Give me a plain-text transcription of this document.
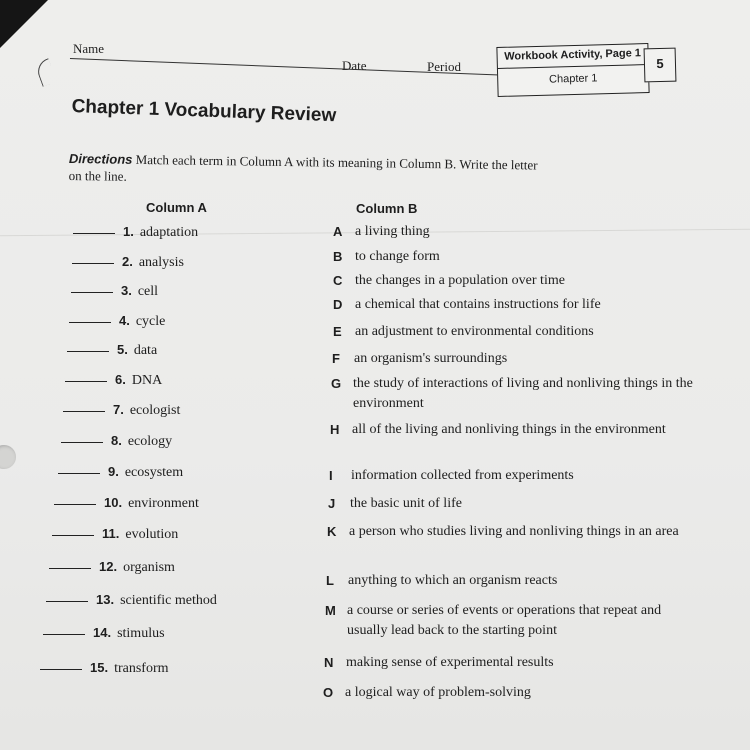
Name
Date	Period
Workbook Activity, Page 1
Chapter 1
5
Chapter 1 Vocabulary Review
Directions Match each term in Column A with its meaning in Column B. Write the letter on the line.
Column A	Column B
1. adaptation
2. analysis
3. cell
4. cycle
5. data
6. DNA
7. ecologist
8. ecology
9. ecosystem
10. environment
11. evolution
12. organism
13. scientific method
14. stimulus
15. transform
A a living thing
B to change form
C the changes in a population over time
D a chemical that contains instructions for life
E an adjustment to environmental conditions
F an organism's surroundings
G the study of interactions of living and nonliving things in the environment
H all of the living and nonliving things in the environment
I information collected from experiments
J the basic unit of life
K a person who studies living and nonliving things in an area
L anything to which an organism reacts
M a course or series of events or operations that repeat and usually lead back to the starting point
N making sense of experimental results
O a logical way of problem-solving
